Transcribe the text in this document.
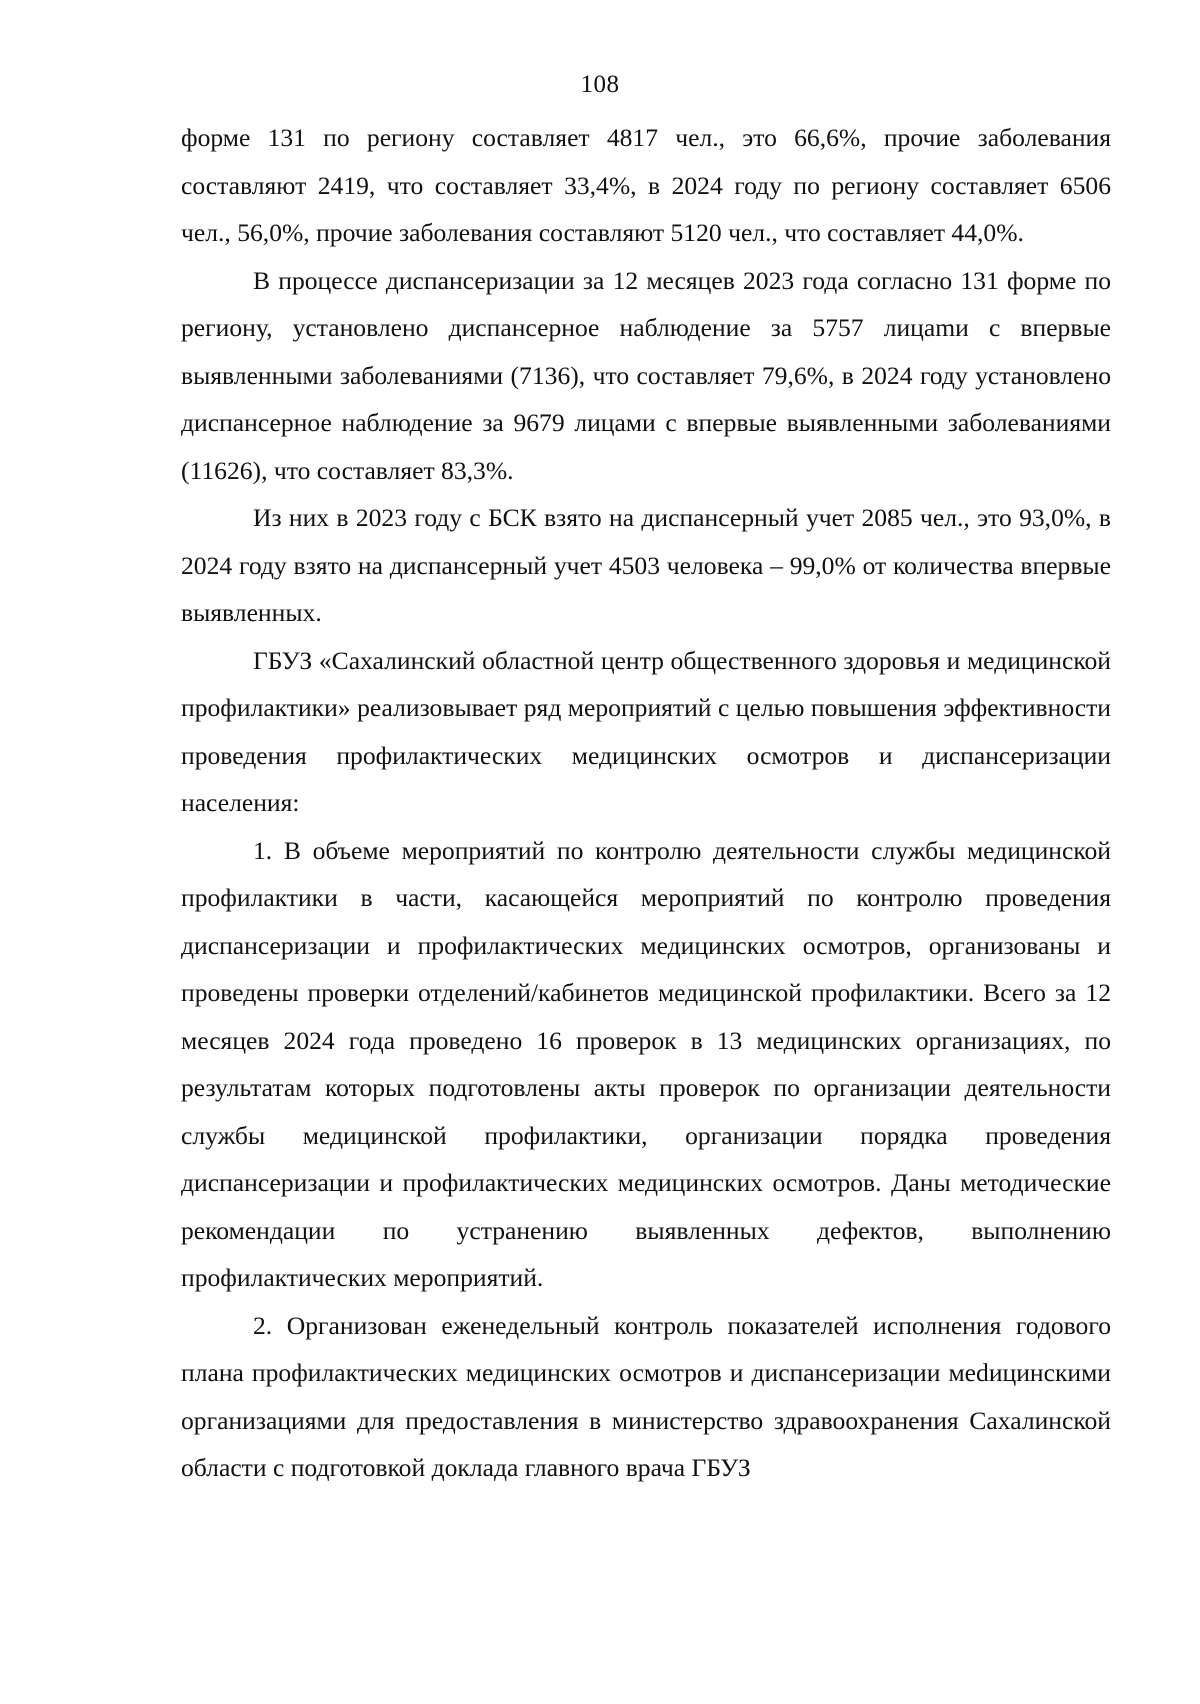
108

форме 131 по региону составляет 4817 чел., это 66,6%, прочие заболевания составляют 2419, что составляет 33,4%, в 2024 году по региону составляет 6506 чел., 56,0%, прочие заболевания составляют 5120 чел., что составляет 44,0%.

В процессе диспансеризации за 12 месяцев 2023 года согласно 131 форме по региону, установлено диспансерное наблюдение за 5757 лицаmи с впервые выявленными заболеваниями (7136), что составляет 79,6%, в 2024 году установлено диспансерное наблюдение за 9679 лицами с впервые выявленными заболеваниями (11626), что составляет 83,3%.

Из них в 2023 году с БСК взято на диспансерный учет 2085 чел., это 93,0%, в 2024 году взято на диспансерный учет 4503 человека – 99,0% от количества впервые выявленных.

ГБУЗ «Сахалинский областной центр общественного здоровья и медицинской профилактики» реализовывает ряд мероприятий с целью повышения эффективности проведения профилактических медицинских осмотров и диспансеризации населения:

1. В объеме мероприятий по контролю деятельности службы медицинской профилактики в части, касающейся мероприятий по контролю проведения диспансеризации и профилактических медицинских осмотров, организованы и проведены проверки отделений/кабинетов медицинской профилактики. Всего за 12 месяцев 2024 года проведено 16 проверок в 13 медицинских организациях, по результатам которых подготовлены акты проверок по организации деятельности службы медицинской профилактики, организации порядка проведения диспансеризации и профилактических медицинских осмотров. Даны методические рекомендации по устранению выявленных дефектов, выполнению профилактических мероприятий.

2. Организован еженедельный контроль показателей исполнения годового плана профилактических медицинских осмотров и диспансеризации меdицинскими организациями для предоставления в министерство здравоохранения Сахалинской области с подготовкой доклада главного врача ГБУЗ
